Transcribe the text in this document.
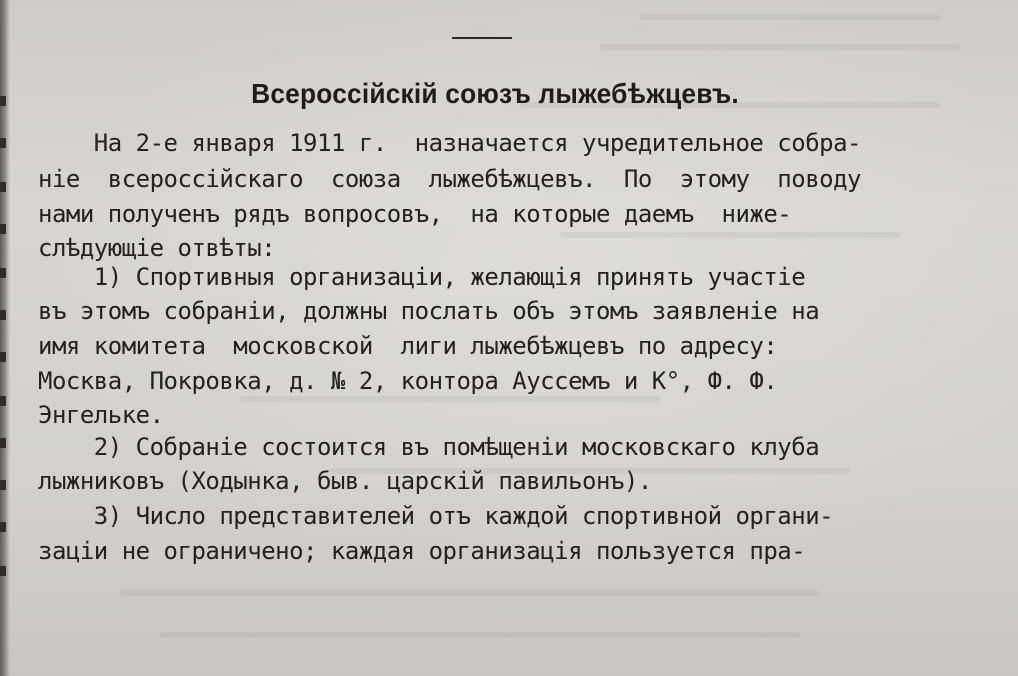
Всероссійскій союзъ лыжебѣжцевъ.
На 2-е января 1911 г.  назначается учредительное собра-
ніе  всероссійскаго  союза  лыжебѣжцевъ.  По  этому  поводу
нами полученъ рядъ вопросовъ,  на которые даемъ  ниже-
слѣдующіе отвѣты:
1) Спортивныя организаціи, желающія принять участіе
въ этомъ собраніи, должны послать объ этомъ заявленіе на
имя комитета  московской  лиги лыжебѣжцевъ по адресу:
Москва, Покровка, д. № 2, контора Аусcемъ и К°, Ф. Ф.
Энгельке.
2) Собраніе состоится въ помѣщеніи московскаго клуба
лыжниковъ (Ходынка, быв. царскій павильонъ).
3) Число представителей отъ каждой спортивной органи-
заціи не ограничено; каждая организація пользуется пра-
